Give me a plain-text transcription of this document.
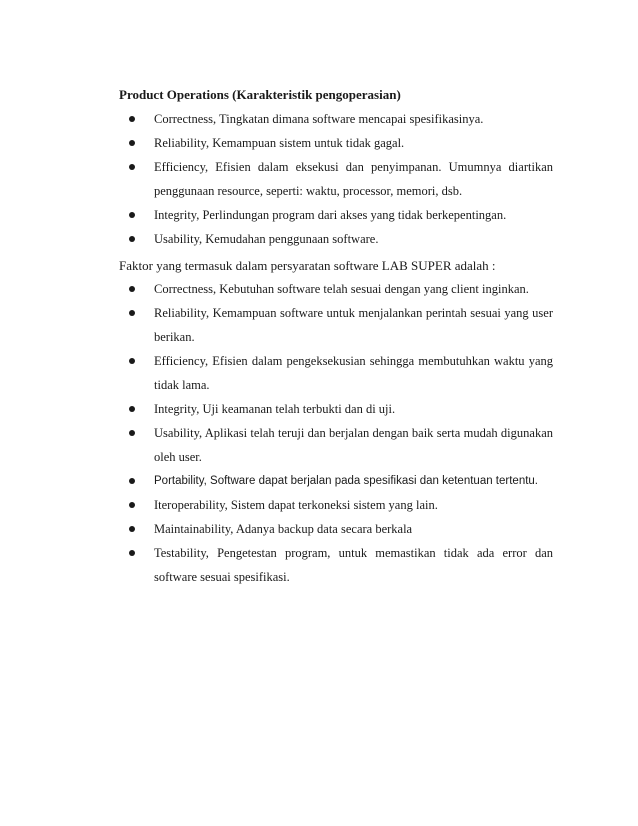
Product Operations (Karakteristik pengoperasian)

Correctness, Tingkatan dimana software mencapai spesifikasinya.
Reliability, Kemampuan sistem untuk tidak gagal.
Efficiency, Efisien dalam eksekusi dan penyimpanan. Umumnya diartikan penggunaan resource, seperti: waktu, processor, memori, dsb.
Integrity, Perlindungan program dari akses yang tidak berkepentingan.
Usability, Kemudahan penggunaan software.

Faktor yang termasuk dalam persyaratan software LAB SUPER adalah :

Correctness, Kebutuhan software telah sesuai dengan yang client inginkan.
Reliability, Kemampuan software untuk menjalankan perintah sesuai yang user berikan.
Efficiency, Efisien dalam pengeksekusian sehingga membutuhkan waktu yang tidak lama.
Integrity, Uji keamanan telah terbukti dan di uji.
Usability, Aplikasi telah teruji dan berjalan dengan baik serta mudah digunakan oleh user.
Portability, Software dapat berjalan pada spesifikasi dan ketentuan tertentu.
Iteroperability, Sistem dapat terkoneksi sistem yang lain.
Maintainability, Adanya backup data secara berkala
Testability, Pengetestan program, untuk memastikan tidak ada error dan software sesuai spesifikasi.
